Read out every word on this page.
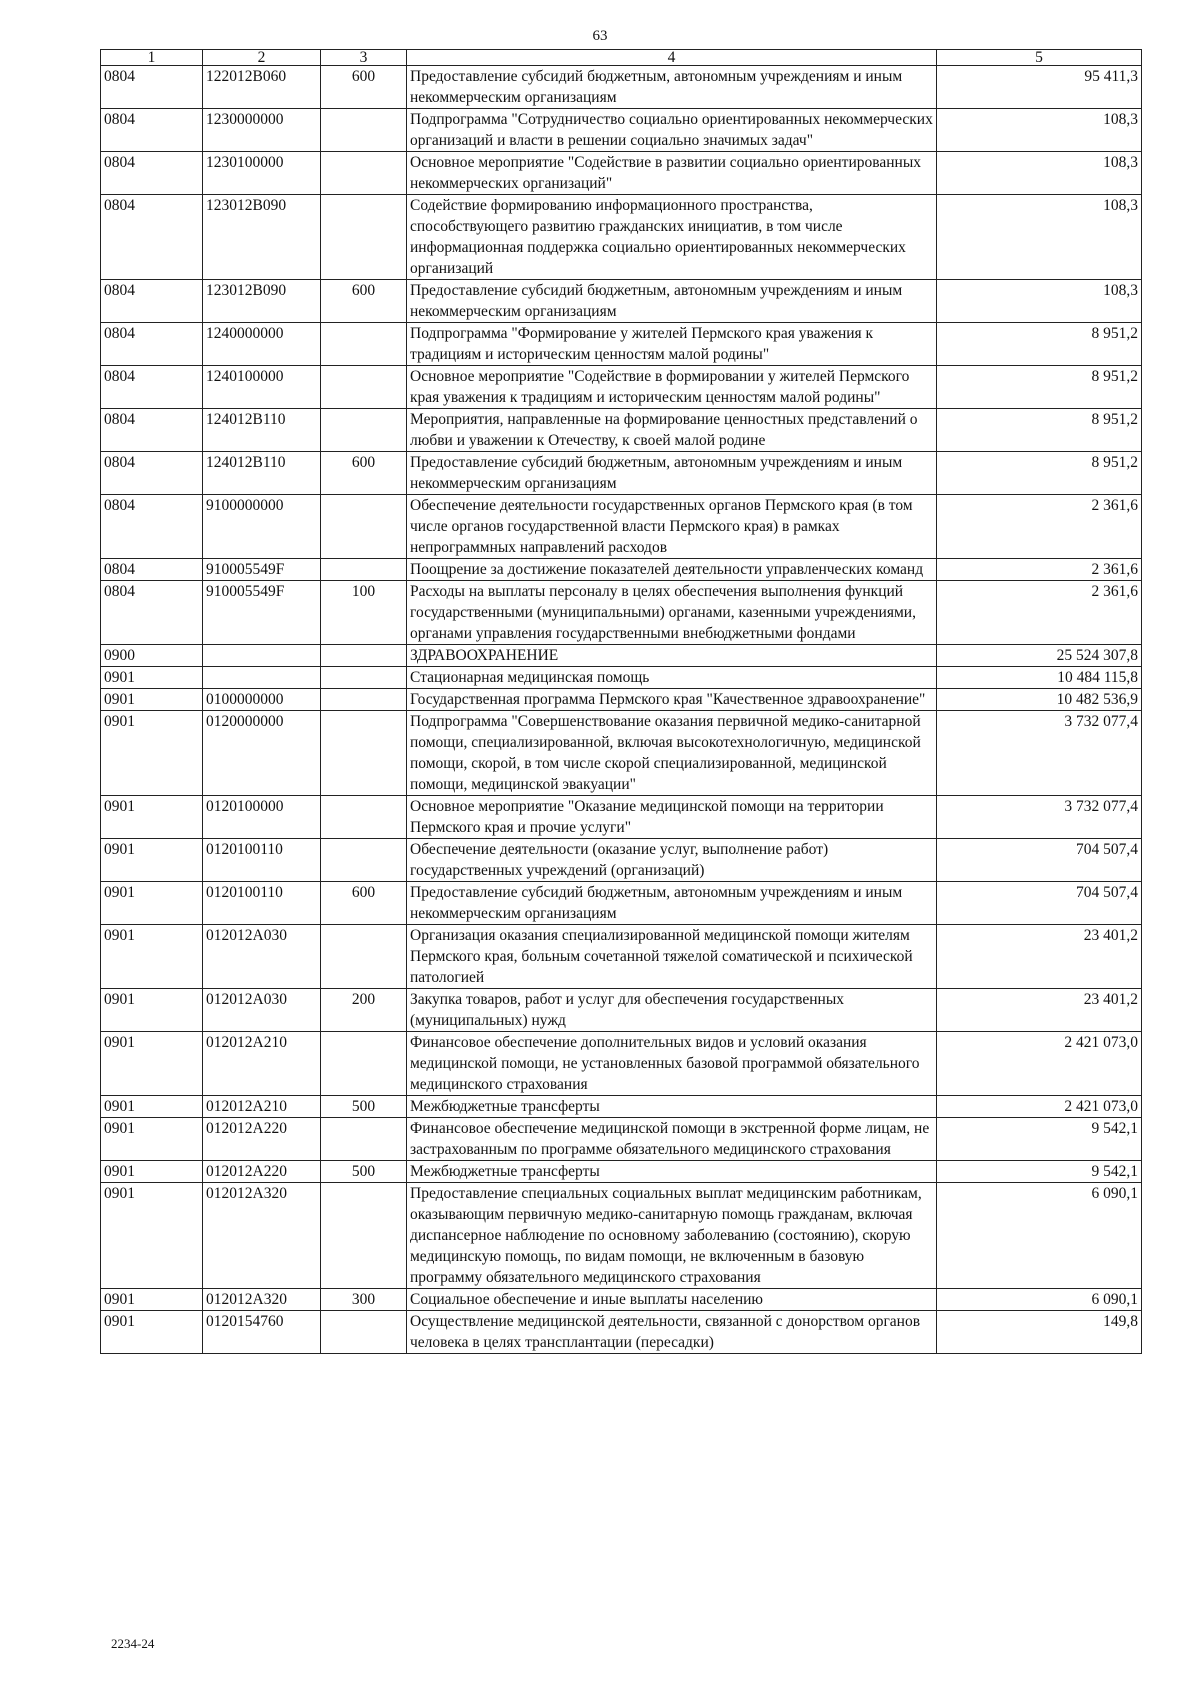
63
1	2	3	4	5
0804	122012В060	600	Предоставление субсидий бюджетным, автономным учреждениям и иным некоммерческим организациям	95 411,3
0804	1230000000		Подпрограмма "Сотрудничество социально ориентированных некоммерческих организаций и власти в решении социально значимых задач"	108,3
0804	1230100000		Основное мероприятие "Содействие в развитии социально ориентированных некоммерческих организаций"	108,3
0804	123012В090		Содействие формированию информационного пространства, способствующего развитию гражданских инициатив, в том числе информационная поддержка социально ориентированных некоммерческих организаций	108,3
0804	123012В090	600	Предоставление субсидий бюджетным, автономным учреждениям и иным некоммерческим организациям	108,3
0804	1240000000		Подпрограмма "Формирование у жителей Пермского края уважения к традициям и историческим ценностям малой родины"	8 951,2
0804	1240100000		Основное мероприятие "Содействие в формировании у жителей Пермского края уважения к традициям и историческим ценностям малой родины"	8 951,2
0804	124012В110		Мероприятия, направленные на формирование ценностных представлений о любви и уважении к Отечеству, к своей малой родине	8 951,2
0804	124012В110	600	Предоставление субсидий бюджетным, автономным учреждениям и иным некоммерческим организациям	8 951,2
0804	9100000000		Обеспечение деятельности государственных органов Пермского края (в том числе органов государственной власти Пермского края) в рамках непрограммных направлений расходов	2 361,6
0804	910005549F		Поощрение за достижение показателей деятельности управленческих команд	2 361,6
0804	910005549F	100	Расходы на выплаты персоналу в целях обеспечения выполнения функций государственными (муниципальными) органами, казенными учреждениями, органами управления государственными внебюджетными фондами	2 361,6
0900			ЗДРАВООХРАНЕНИЕ	25 524 307,8
0901			Стационарная медицинская помощь	10 484 115,8
0901	0100000000		Государственная программа Пермского края "Качественное здравоохранение"	10 482 536,9
0901	0120000000		Подпрограмма "Совершенствование оказания первичной медико-санитарной помощи, специализированной, включая высокотехнологичную, медицинской помощи, скорой, в том числе скорой специализированной, медицинской помощи, медицинской эвакуации"	3 732 077,4
0901	0120100000		Основное мероприятие "Оказание медицинской помощи на территории Пермского края и прочие услуги"	3 732 077,4
0901	0120100110		Обеспечение деятельности (оказание услуг, выполнение работ) государственных учреждений (организаций)	704 507,4
0901	0120100110	600	Предоставление субсидий бюджетным, автономным учреждениям и иным некоммерческим организациям	704 507,4
0901	012012А030		Организация оказания специализированной медицинской помощи жителям Пермского края, больным сочетанной тяжелой соматической и психической патологией	23 401,2
0901	012012А030	200	Закупка товаров, работ и услуг для обеспечения государственных (муниципальных) нужд	23 401,2
0901	012012А210		Финансовое обеспечение дополнительных видов и условий оказания медицинской помощи, не установленных базовой программой обязательного медицинского страхования	2 421 073,0
0901	012012А210	500	Межбюджетные трансферты	2 421 073,0
0901	012012А220		Финансовое обеспечение медицинской помощи в экстренной форме лицам, не застрахованным по программе обязательного медицинского страхования	9 542,1
0901	012012А220	500	Межбюджетные трансферты	9 542,1
0901	012012А320		Предоставление специальных социальных выплат медицинским работникам, оказывающим первичную медико-санитарную помощь гражданам, включая диспансерное наблюдение по основному заболеванию (состоянию), скорую медицинскую помощь, по видам помощи, не включенным в базовую программу обязательного медицинского страхования	6 090,1
0901	012012А320	300	Социальное обеспечение и иные выплаты населению	6 090,1
0901	0120154760		Осуществление медицинской деятельности, связанной с донорством органов человека в целях трансплантации (пересадки)	149,8
2234-24
